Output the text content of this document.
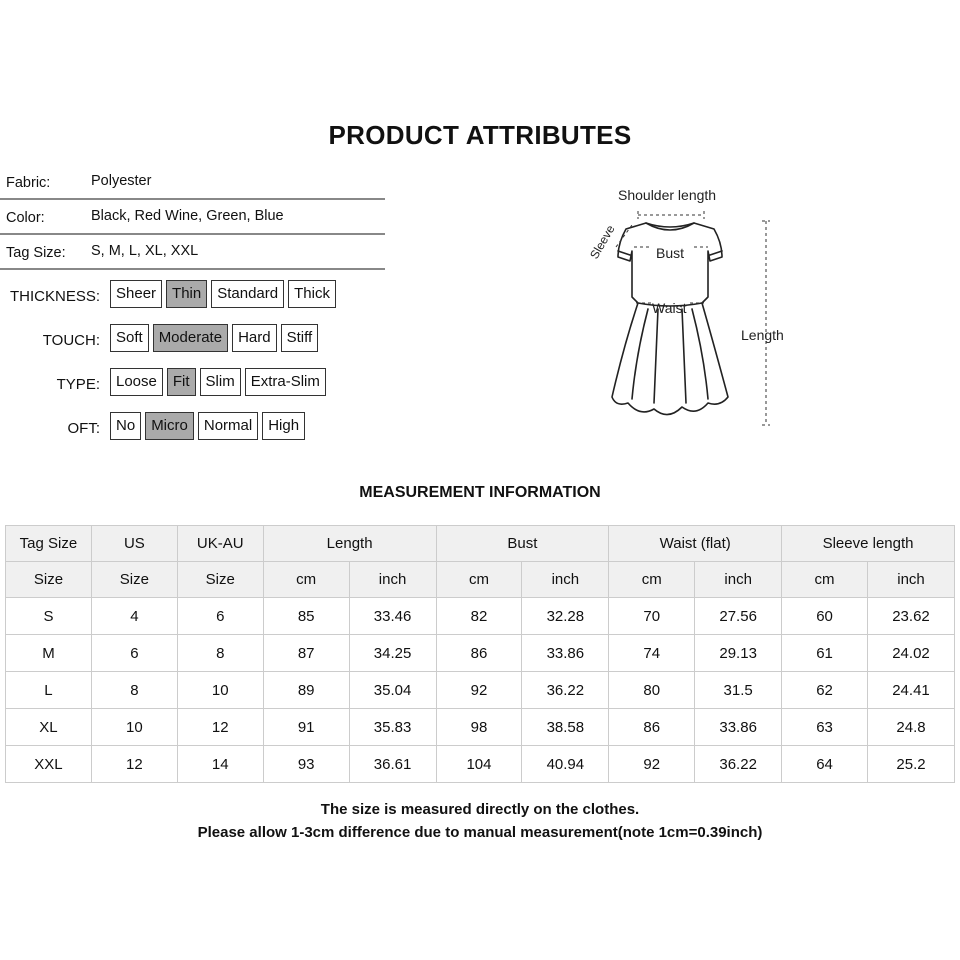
PRODUCT ATTRIBUTES
Fabric:	Polyester
Color:	Black, Red Wine, Green, Blue
Tag Size: S, M, L, XL, XXL
THICKNESS:	Sheer	Thin	Standard	Thick
TOUCH:	Soft	Moderate	Hard	Stiff
TYPE:	Loose	Fit	Slim	Extra-Slim
OFT:	No	Micro	Normal	High
Shoulder length
Sleeve	Bust
Waist
Length
MEASUREMENT INFORMATION
Tag Size	US	UK-AU	Length		Bust		Waist (flat)		Sleeve length	
Size	Size	Size	cm	inch	cm	inch	cm	inch	cm	inch
S	4	6	85	33.46	82	32.28	70	27.56	60	23.62
M	6	8	87	34.25	86	33.86	74	29.13	61	24.02
L	8	10	89	35.04	92	36.22	80	31.5	62	24.41
XL	10	12	91	35.83	98	38.58	86	33.86	63	24.8
XXL	12	14	93	36.61	104	40.94	92	36.22	64	25.2
The size is measured directly on the clothes.
Please allow 1-3cm difference due to manual measurement(note 1cm=0.39inch)
